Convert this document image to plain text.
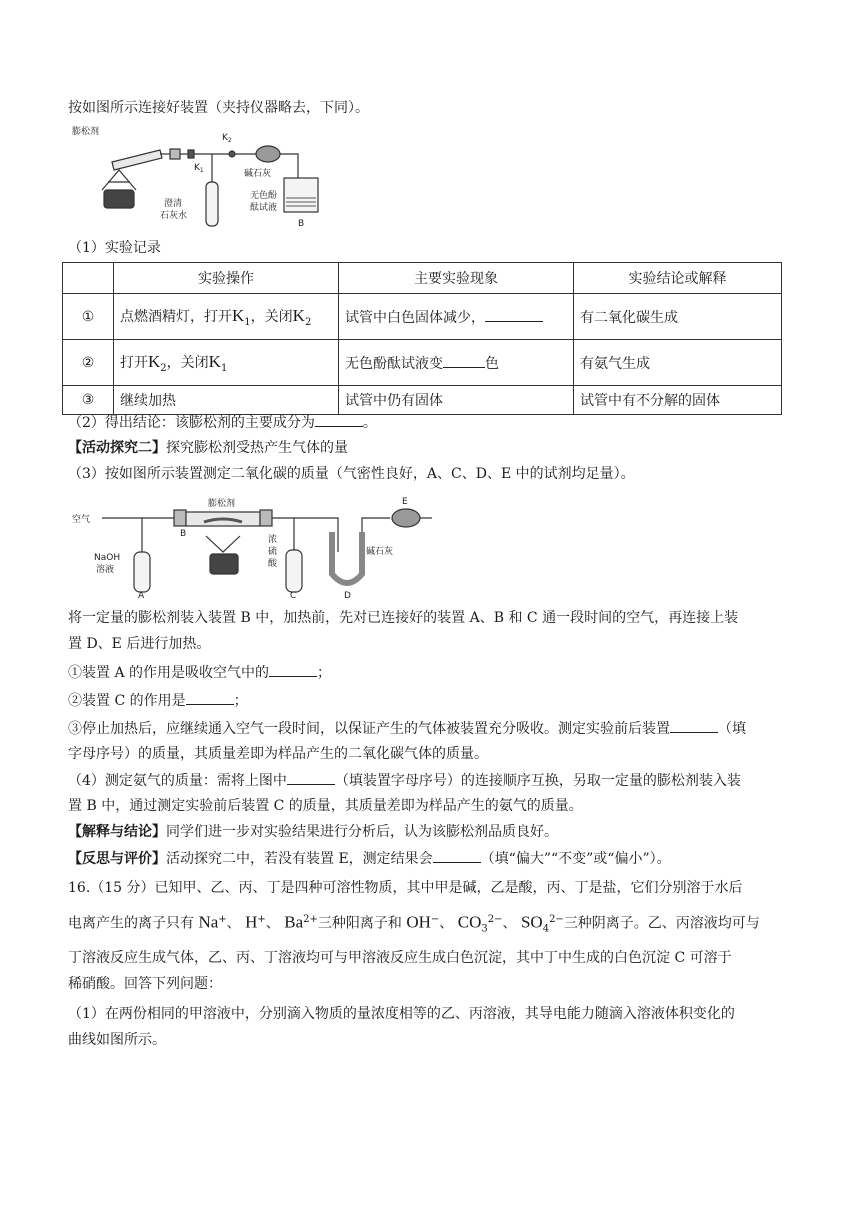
按如图所示连接好装置（夹持仪器略去，下同）。
膨松剂
$K_2$
$K_1$	碱石灰
澄清
石灰水
无色酚
酞试液
B
（1）实验记录
	实验操作	主要实验现象	实验结论或解释
①	点燃酒精灯，打开$K_1$，关闭$K_2$	试管中白色固体减少，	有二氧化碳生成
②	打开$K_2$，关闭$K_1$	无色酚酞试液变 色	有氨气生成
③	继续加热	试管中仍有固体	试管中有不分解的固体
（2）得出结论：该膨松剂的主要成分为	。
【活动探究二】探究膨松剂受热产生气体的量
（3）按如图所示装置测定二氧化碳的质量（气密性良好，A、C、D、E 中的试剂均足量）。
空气
膨松剂
NaOH
溶液
浓
硫
酸
碱石灰
A
B
C	D
E
将一定量的膨松剂装入装置 B 中，加热前，先对已连接好的装置 A、B 和 C 通一段时间的空气，再连接上装
置 D、E 后进行加热。
①装置 A 的作用是吸收空气中的	；
②装置 C 的作用是	；
③停止加热后，应继续通入空气一段时间，以保证产生的气体被装置充分吸收。测定实验前后装置	（填
字母序号）的质量，其质量差即为样品产生的二氧化碳气体的质量。
（4）测定氨气的质量：需将上图中	（填装置字母序号）的连接顺序互换，另取一定量的膨松剂装入装
置 B 中，通过测定实验前后装置 C 的质量，其质量差即为样品产生的氨气的质量。
【解释与结论】同学们进一步对实验结果进行分析后，认为该膨松剂品质良好。
【反思与评价】活动探究二中，若没有装置 E，测定结果会	（填“偏大”“不变”或“偏小”）。
16.（15 分）已知甲、乙、丙、丁是四种可溶性物质，其中甲是碱，乙是酸，丙、丁是盐，它们分别溶于水后
电离产生的离子只有 Na+、 H+、 $Ba^{2+}$三种阳离子和 OH−、 $CO_3^{2-}$、 $SO_4^{2-}$三种阴离子。乙、丙溶液均可与
丁溶液反应生成气体，乙、丙、丁溶液均可与甲溶液反应生成白色沉淀，其中丁中生成的白色沉淀 C 可溶于
稀硝酸。回答下列问题：
（1）在两份相同的甲溶液中，分别滴入物质的量浓度相等的乙、丙溶液，其导电能力随滴入溶液体积变化的
曲线如图所示。
